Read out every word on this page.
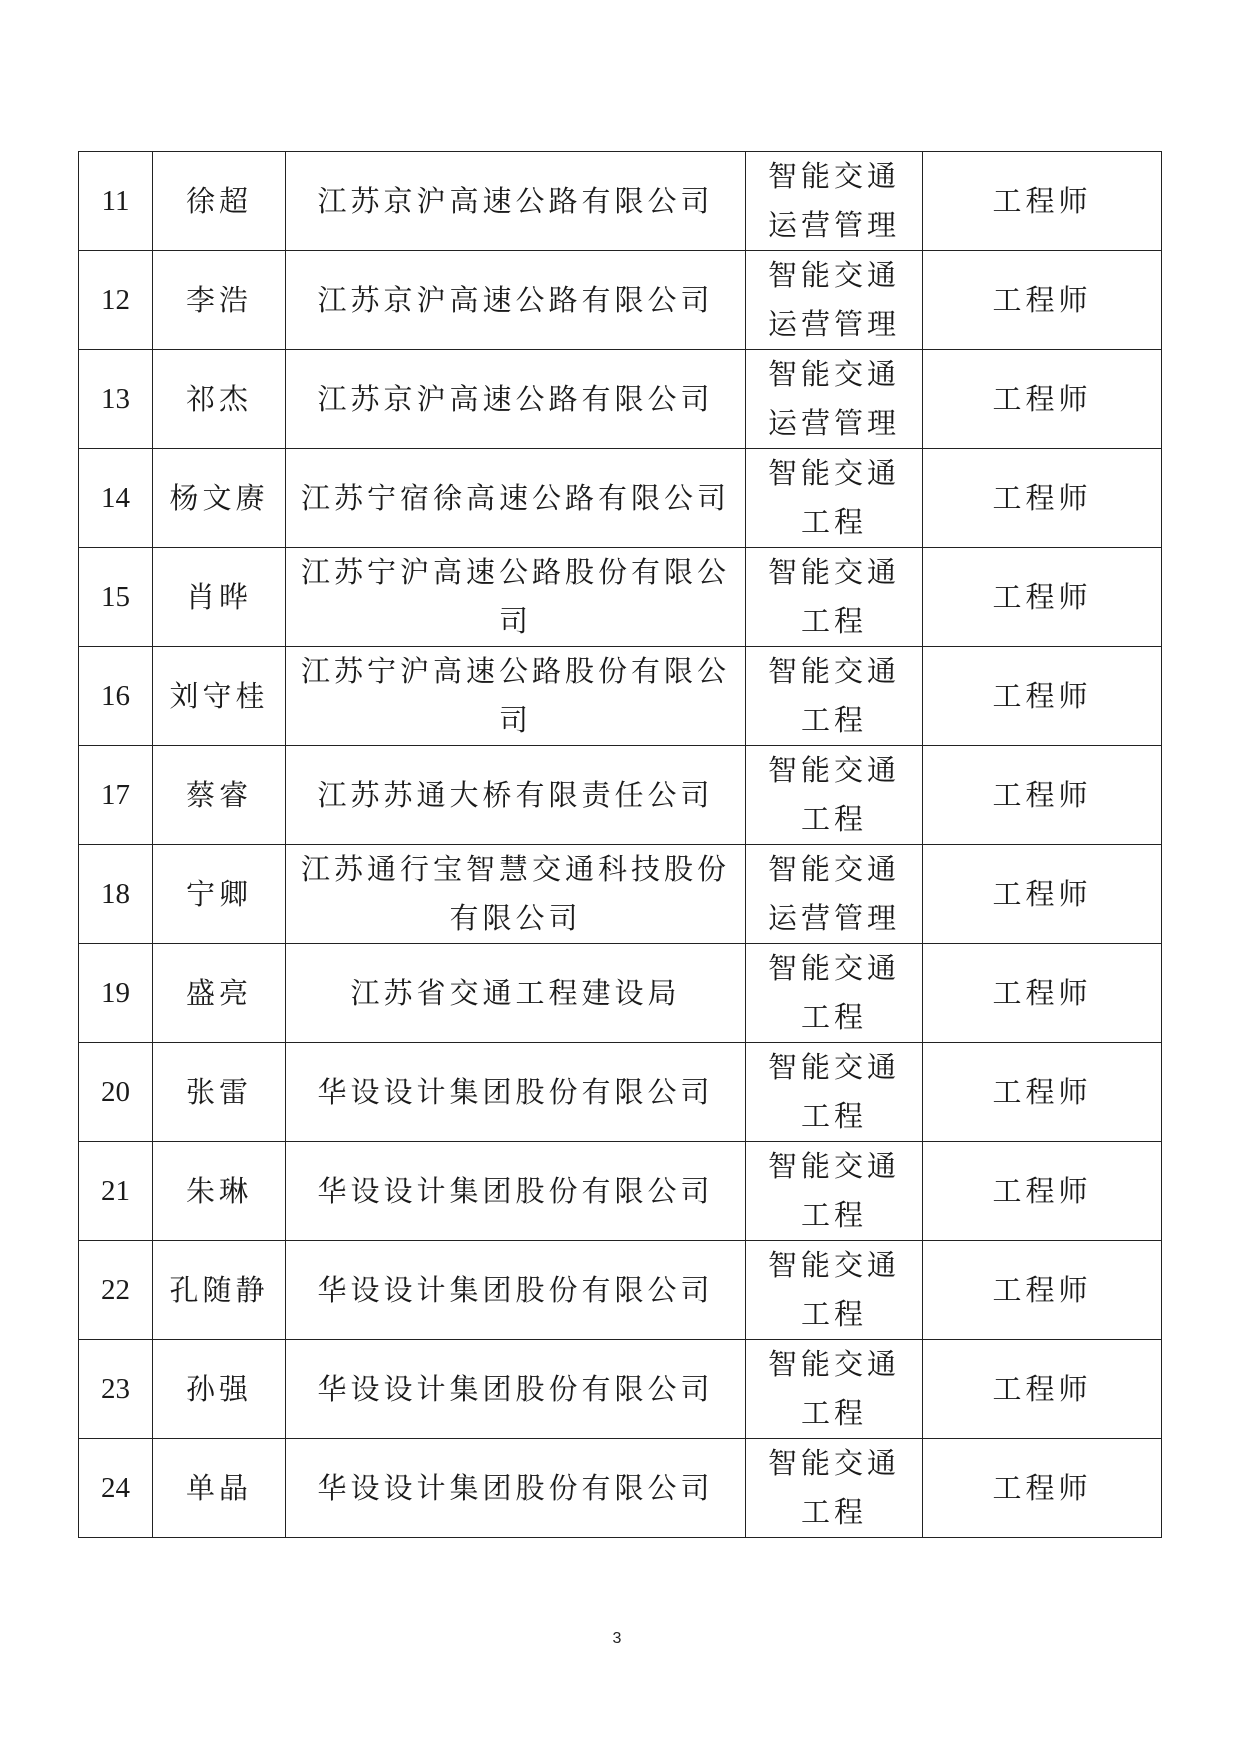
11	徐超	江苏京沪高速公路有限公司	智能交通运营管理	工程师
12	李浩	江苏京沪高速公路有限公司	智能交通运营管理	工程师
13	祁杰	江苏京沪高速公路有限公司	智能交通运营管理	工程师
14	杨文赓	江苏宁宿徐高速公路有限公司	智能交通工程	工程师
15	肖晔	江苏宁沪高速公路股份有限公司	智能交通工程	工程师
16	刘守桂	江苏宁沪高速公路股份有限公司	智能交通工程	工程师
17	蔡睿	江苏苏通大桥有限责任公司	智能交通工程	工程师
18	宁卿	江苏通行宝智慧交通科技股份有限公司	智能交通运营管理	工程师
19	盛亮	江苏省交通工程建设局	智能交通工程	工程师
20	张雷	华设设计集团股份有限公司	智能交通工程	工程师
21	朱琳	华设设计集团股份有限公司	智能交通工程	工程师
22	孔随静	华设设计集团股份有限公司	智能交通工程	工程师
23	孙强	华设设计集团股份有限公司	智能交通工程	工程师
24	单晶	华设设计集团股份有限公司	智能交通工程	工程师
3
